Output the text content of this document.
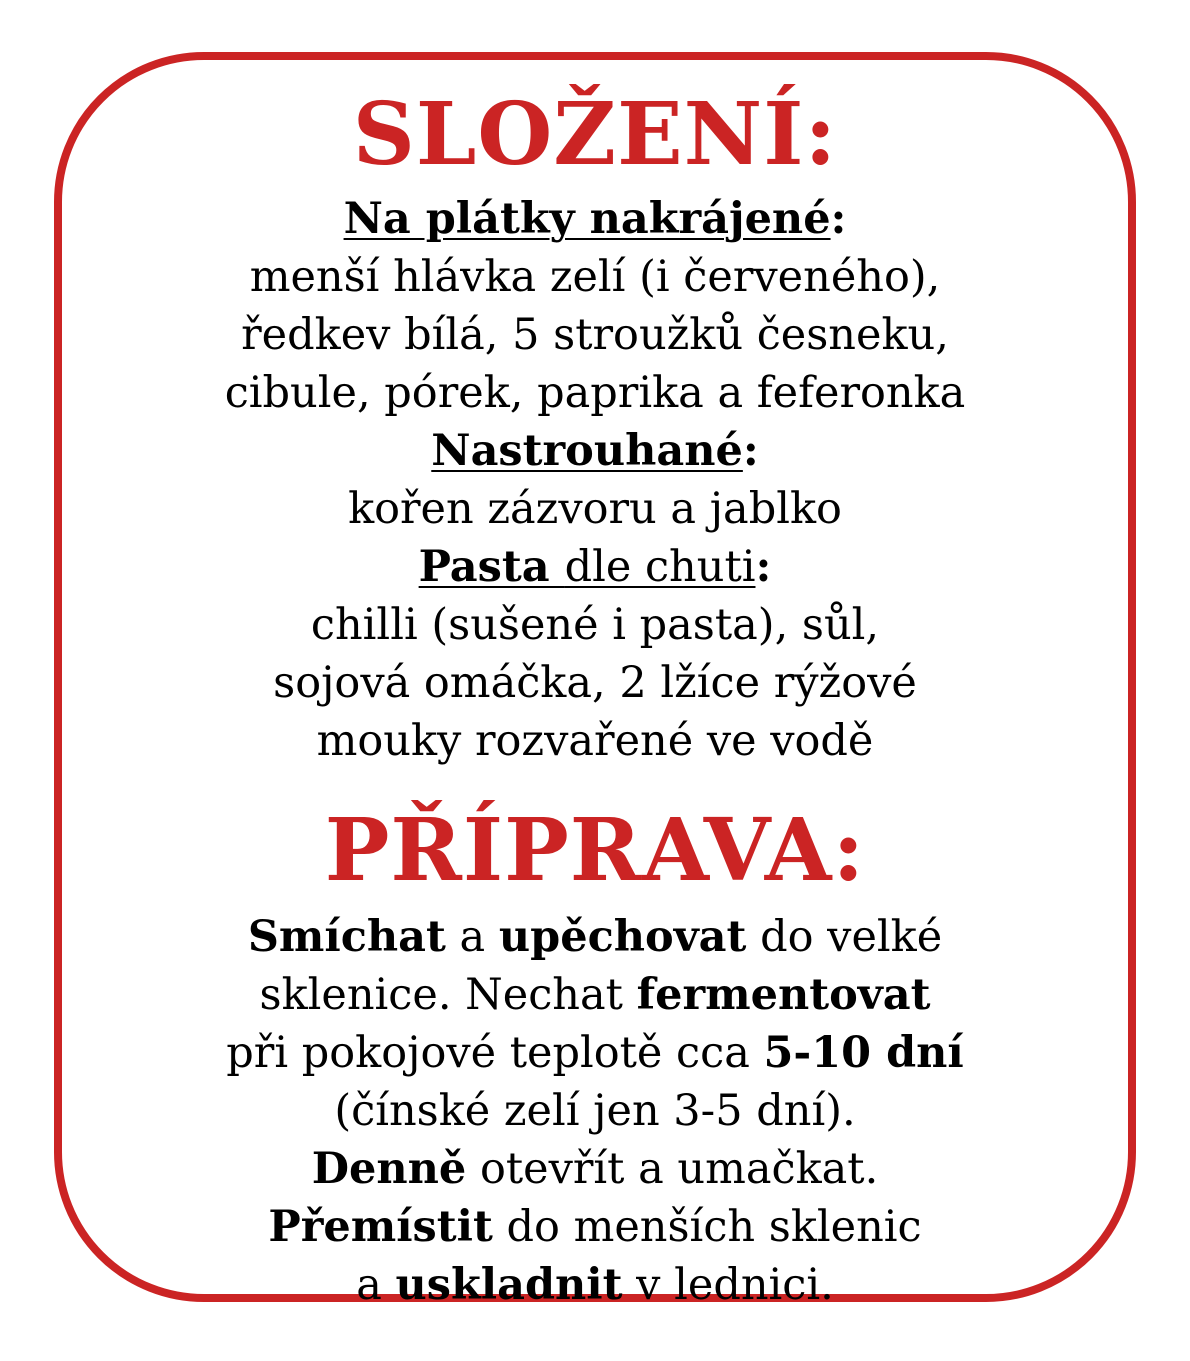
SLOŽENÍ:
Na plátky nakrájené:
menší hlávka zelí (i červeného),
ředkev bílá, 5 stroužků česneku,
cibule, pórek, paprika a feferonka
Nastrouhané:
kořen zázvoru a jablko
Pasta dle chuti:
chilli (sušené i pasta), sůl,
sojová omáčka, 2 lžíce rýžové
mouky rozvařené ve vodě
PŘÍPRAVA:
Smíchat a upěchovat do velké
sklenice. Nechat fermentovat
při pokojové teplotě cca 5-10 dní
(čínské zelí jen 3-5 dní).
Denně otevřít a umačkat.
Přemístit do menších sklenic
a uskladnit v lednici.
